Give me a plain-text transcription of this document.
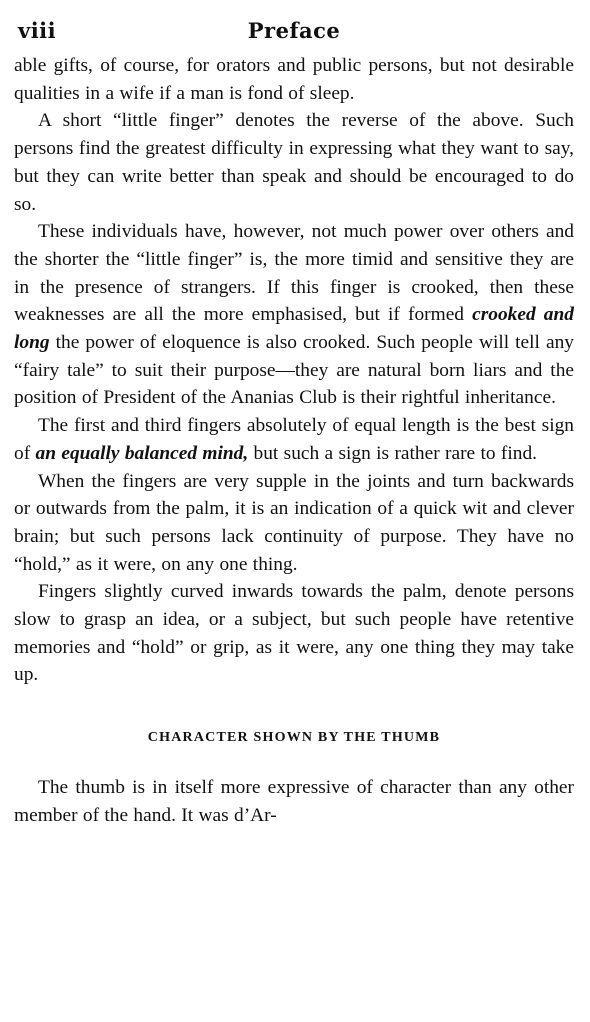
viii	Preface

able gifts, of course, for orators and public persons, but not desirable qualities in a wife if a man is fond of sleep.

A short “little finger” denotes the reverse of the above. Such persons find the greatest difficulty in expressing what they want to say, but they can write better than speak and should be encouraged to do so.

These individuals have, however, not much power over others and the shorter the “little finger” is, the more timid and sensitive they are in the presence of strangers. If this finger is crooked, then these weaknesses are all the more emphasised, but if formed crooked and long the power of eloquence is also crooked. Such people will tell any “fairy tale” to suit their purpose—they are natural born liars and the position of President of the Ananias Club is their rightful inheritance.

The first and third fingers absolutely of equal length is the best sign of an equally balanced mind, but such a sign is rather rare to find.

When the fingers are very supple in the joints and turn backwards or outwards from the palm, it is an indication of a quick wit and clever brain; but such persons lack continuity of purpose. They have no “hold,” as it were, on any one thing.

Fingers slightly curved inwards towards the palm, denote persons slow to grasp an idea, or a subject, but such people have retentive memories and “hold” or grip, as it were, any one thing they may take up.

CHARACTER SHOWN BY THE THUMB

The thumb is in itself more expressive of character than any other member of the hand. It was d’Ar-
